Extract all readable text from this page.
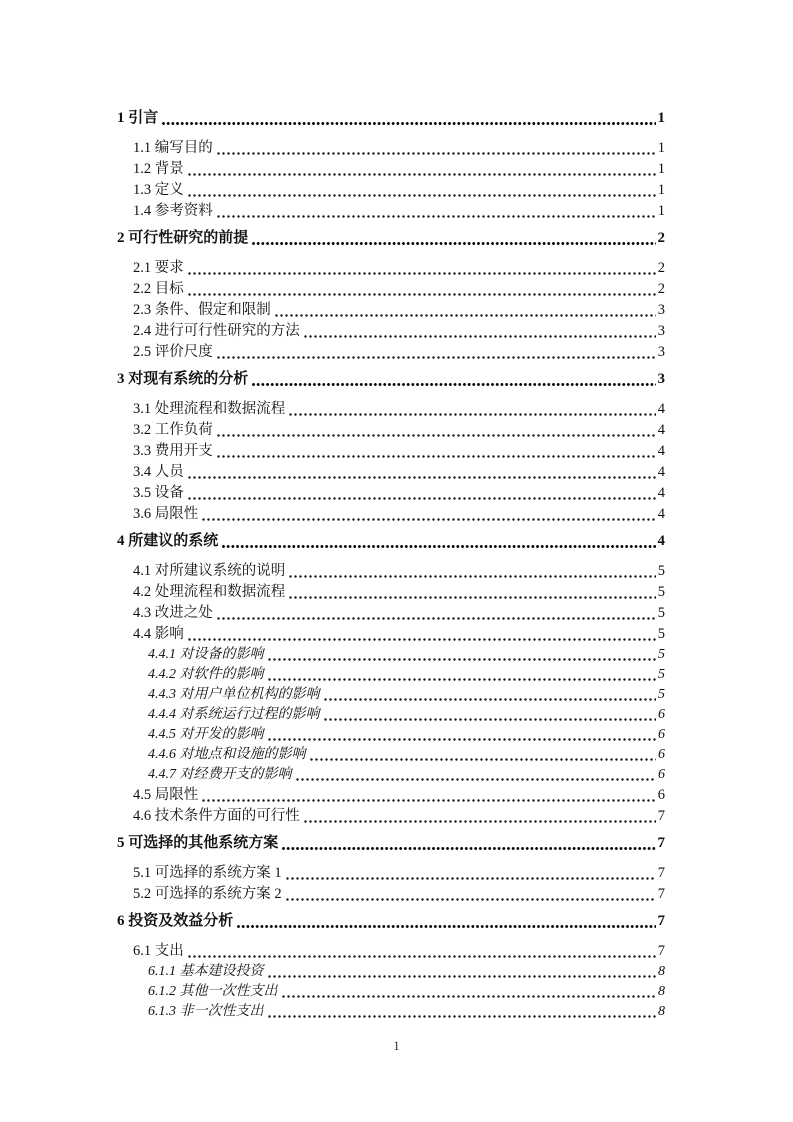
1 引言	1
1.1 编写目的	1
1.2 背景	1
1.3 定义	1
1.4 参考资料	1
2 可行性研究的前提	2
2.1 要求	2
2.2 目标	2
2.3 条件、假定和限制	3
2.4 进行可行性研究的方法	3
2.5 评价尺度	3
3 对现有系统的分析	3
3.1 处理流程和数据流程	4
3.2 工作负荷	4
3.3 费用开支	4
3.4 人员	4
3.5 设备	4
3.6 局限性	4
4 所建议的系统	4
4.1 对所建议系统的说明	5
4.2 处理流程和数据流程	5
4.3 改进之处	5
4.4 影响	5
4.4.1 对设备的影响	5
4.4.2 对软件的影响	5
4.4.3 对用户单位机构的影响	5
4.4.4 对系统运行过程的影响	6
4.4.5 对开发的影响	6
4.4.6 对地点和设施的影响	6
4.4.7 对经费开支的影响	6
4.5 局限性	6
4.6 技术条件方面的可行性	7
5 可选择的其他系统方案	7
5.1 可选择的系统方案 1	7
5.2 可选择的系统方案 2	7
6 投资及效益分析	7
6.1 支出	7
6.1.1 基本建设投资	8
6.1.2 其他一次性支出	8
6.1.3 非一次性支出	8
1
